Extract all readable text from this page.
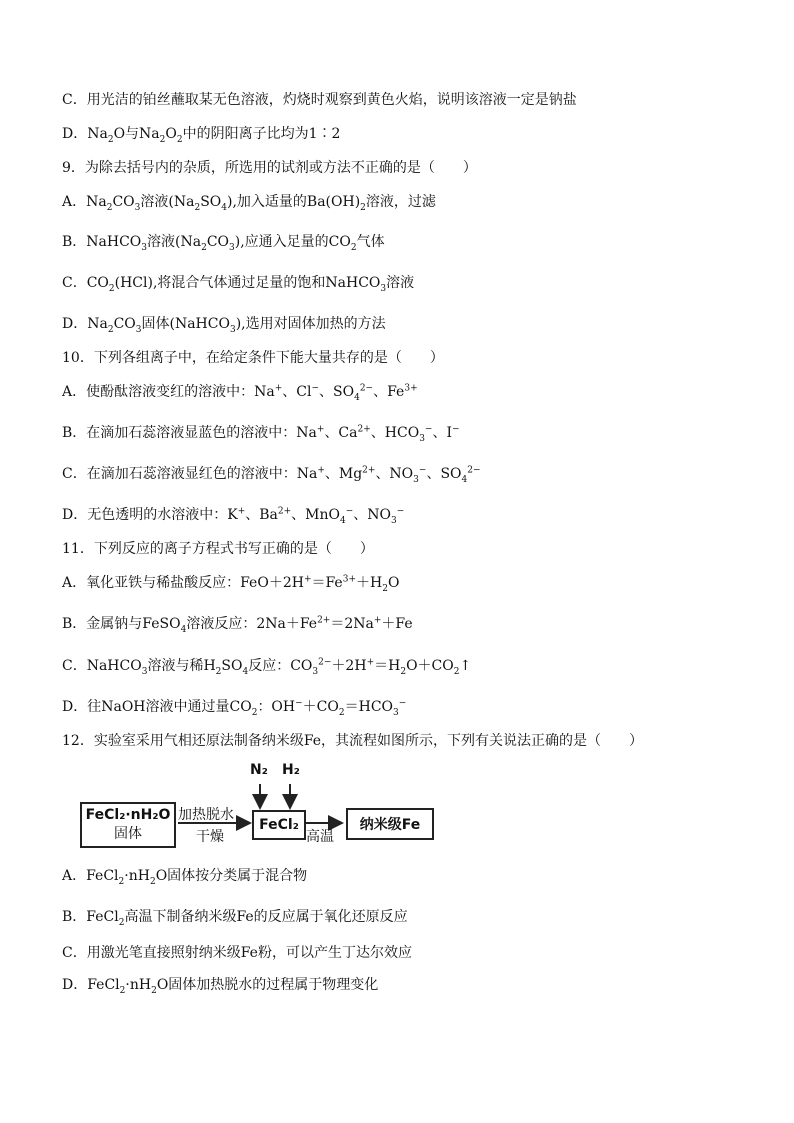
C．用光洁的铂丝蘸取某无色溶液，灼烧时观察到黄色火焰，说明该溶液一定是钠盐
D．$Na_2O$与$Na_2O_2$中的阴阳离子比均为1∶2
9．为除去括号内的杂质，所选用的试剂或方法不正确的是（　　）
A．$Na_2CO_3$溶液$(Na_2SO_4)$,加入适量的$Ba(OH)_2$溶液，过滤
B．NaHCO$_3$溶液$(Na_2CO_3)$,应通入足量的$CO_2$气体
C．$CO_2(HCl)$,将混合气体通过足量的饱和NaHCO$_3$溶液
D．$Na_2CO_3$固体(NaHCO$_3$),选用对固体加热的方法
10．下列各组离子中，在给定条件下能大量共存的是（　　）
A．使酚酞溶液变红的溶液中：Na+、Cl−、$SO_4^{2-}$、$Fe^{3+}$
B．在滴加石蕊溶液显蓝色的溶液中：Na+、$Ca^{2+}$、$HCO_3^-$、I−
C．在滴加石蕊溶液显红色的溶液中：Na+、$Mg^{2+}$、$NO_3^-$、$SO_4^{2-}$
D．无色透明的水溶液中：K+、$Ba^{2+}$、MnO$_4$−、$NO_3^-$
11．下列反应的离子方程式书写正确的是（　　）
A．氧化亚铁与稀盐酸反应：$FeO+2H^+=Fe^{3+}+H_2O$
B．金属钠与FeSO$_4$溶液反应：$2Na+Fe^{2+}=2Na^++Fe$
C．NaHCO$_3$溶液与稀$H_2SO_4$反应：$CO_3^{2-}+2H^+=H_2O+CO_2↑$
D．往NaOH溶液中通过量$CO_2$：$OH^-+CO_2=HCO_3^-$
12．实验室采用气相还原法制备纳米级Fe，其流程如图所示，下列有关说法正确的是（　　）
FeCl₂·nH₂O
固体
加热脱水
干燥
FeCl₂
N₂ H₂
高温
纳米级Fe
A．$FeCl_2\cdot nH_2O$固体按分类属于混合物
B．FeCl$_2$高温下制备纳米级Fe的反应属于氧化还原反应
C．用激光笔直接照射纳米级Fe粉，可以产生丁达尔效应
D．$FeCl_2\cdot nH_2O$固体加热脱水的过程属于物理变化
